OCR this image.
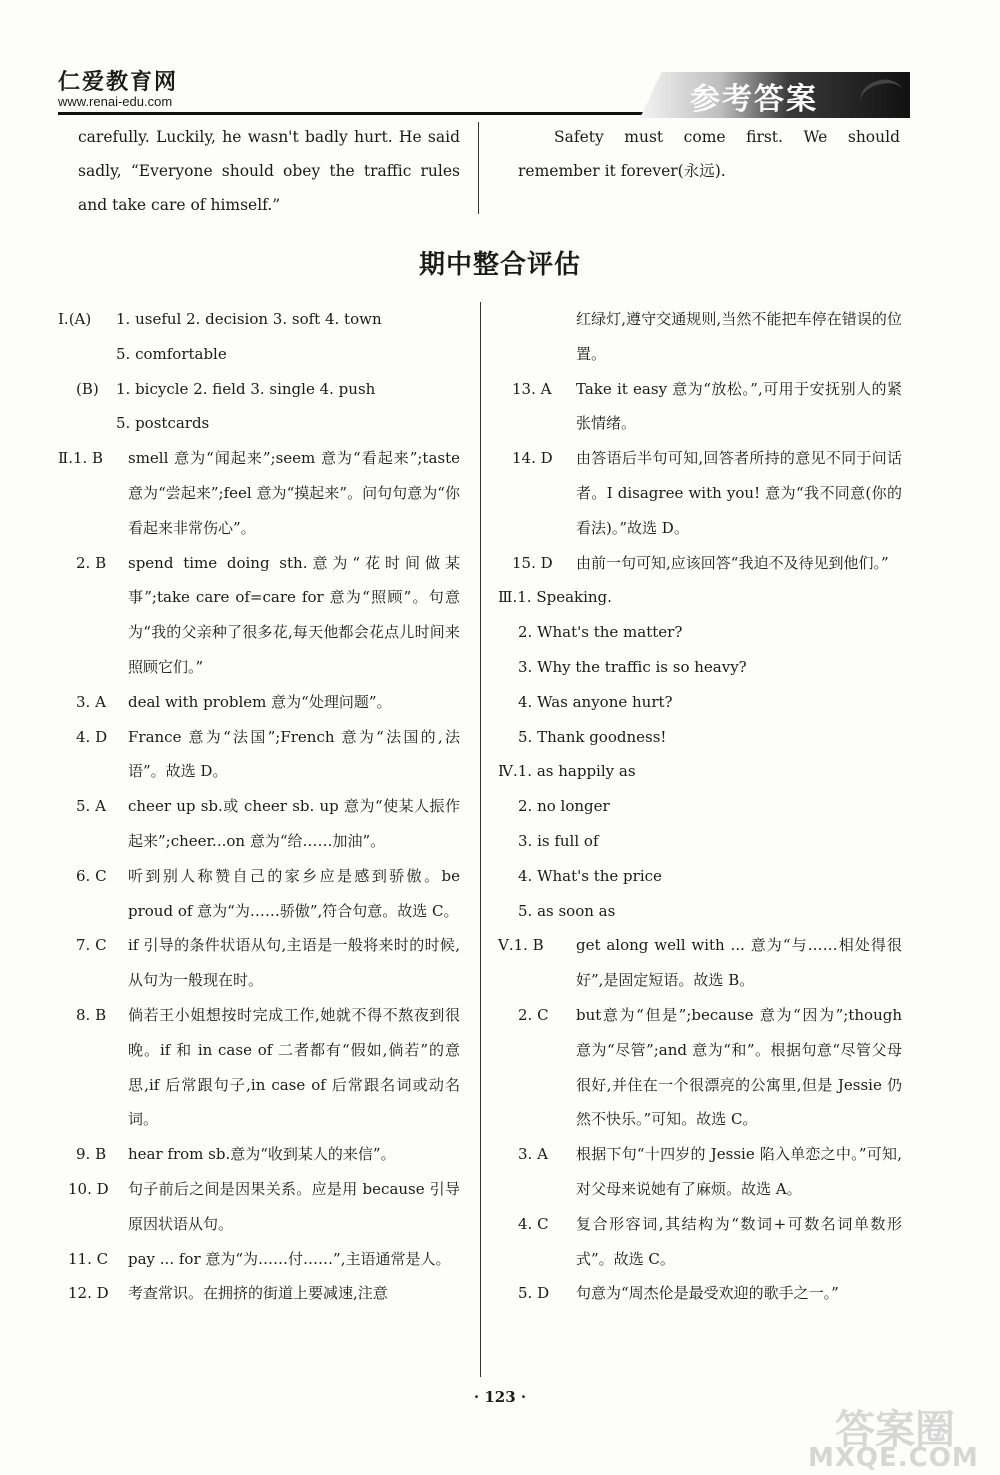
仁爱教育网
www.renai-edu.com	参考答案

carefully. Luckily, he wasn't badly hurt. He said sadly, “Everyone should obey the traffic rules and take care of himself.”

Safety must come first. We should remember it forever(永远).

期中整合评估
Ⅰ.(A)	1. useful 2. decision 3. soft 4. town
5. comfortable
(B)	1. bicycle 2. field 3. single 4. push
5. postcards
Ⅱ.1. B	smell 意为“闻起来”;seem 意为“看起来”;taste 意为“尝起来”;feel 意为“摸起来”。问句句意为“你看起来非常伤心”。
2. B	spend time doing sth.意为“花时间做某事”;take care of=care for 意为“照顾”。句意为“我的父亲种了很多花,每天他都会花点儿时间来照顾它们。”
3. A	deal with problem 意为“处理问题”。
4. D	France 意为“法国”;French 意为“法国的,法语”。故选 D。
5. A	cheer up sb.或 cheer sb. up 意为“使某人振作起来”;cheer...on 意为“给……加油”。
6. C	听到别人称赞自己的家乡应是感到骄傲。be proud of 意为“为……骄傲”,符合句意。故选 C。
7. C	if 引导的条件状语从句,主语是一般将来时的时候,从句为一般现在时。
8. B	倘若王小姐想按时完成工作,她就不得不熬夜到很晚。if 和 in case of 二者都有“假如,倘若”的意思,if 后常跟句子,in case of 后常跟名词或动名词。
9. B	hear from sb.意为“收到某人的来信”。
10. D	句子前后之间是因果关系。应是用 because 引导原因状语从句。
11. C	pay ... for 意为“为……付……”,主语通常是人。
12. D	考查常识。在拥挤的街道上要减速,注意
红绿灯,遵守交通规则,当然不能把车停在错误的位置。
13. A	Take it easy 意为“放松。”,可用于安抚别人的紧张情绪。
14. D	由答语后半句可知,回答者所持的意见不同于问话者。I disagree with you! 意为“我不同意(你的看法)。”故选 D。
15. D	由前一句可知,应该回答“我迫不及待见到他们。”

Ⅲ.1. Speaking.

2. What's the matter?

3. Why the traffic is so heavy?

4. Was anyone hurt?

5. Thank goodness!

Ⅳ.1. as happily as

2. no longer

3. is full of

4. What's the price

5. as soon as

Ⅴ.1. B	get along well with ... 意为“与……相处得很好”,是固定短语。故选 B。
2. C	but意为“但是”;because 意为“因为”;though 意为“尽管”;and 意为“和”。根据句意“尽管父母很好,并住在一个很漂亮的公寓里,但是 Jessie 仍然不快乐。”可知。故选 C。
3. A	根据下句“十四岁的 Jessie 陷入单恋之中。”可知,对父母来说她有了麻烦。故选 A。
4. C	复合形容词,其结构为“数词+可数名词单数形式”。故选 C。
5. D	句意为“周杰伦是最受欢迎的歌手之一。”
· 123 ·
答案圈
MXQE.COM
